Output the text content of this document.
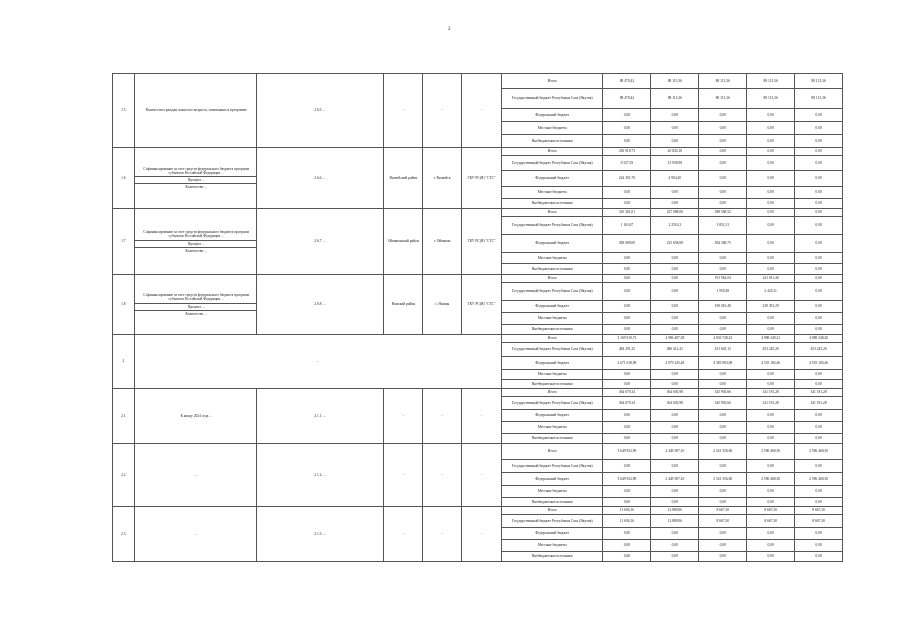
2
1.5	Количество граждан пожилого возраста, охваченных в программе	2.6.5. ...	-	-	-	Итого	88 470,42	88 113,36	88 113,36	88 113,36	88 113,36
						Государственный бюджет Республики Саха (Якутия)	88 470,42	88 113,36	88 113,36	88 113,36	88 113,36
						Федеральный бюджет	0,00	0,00	0,00	0,00	0,00
						Местные бюджеты	0,00	0,00	0,00	0,00	0,00
						Внебюджетные источники	0,00	0,00	0,00	0,00	0,00
1.6	Софинансирование за счет средств федерального бюджета программ субъектов Российской Федерации ...
Процент ...
Количество ...	2.6.6. ...	Вилюйский район	г. Вилюйск	ГКУ РС(Я) "СТС"	Итого	230 918,73	20 843,18	0,00	0,00	0,00
						Государственный бюджет Республики Саха (Якутия)	6 527,03	15 938,98	0,00	0,00	0,00
						Федеральный бюджет	224 391,70	4 904,20	0,00	0,00	0,00
						Местные бюджеты	0,00	0,00	0,00	0,00	0,00
						Внебюджетные источники	0,00	0,00	0,00	0,00	0,00
1.7	Софинансирование за счет средств федерального бюджета программ субъектов Российской Федерации ...
Процент ...
Количество ...	2.6.7. ...	Оймяконский район	г. Оймякон	ГКУ РС(Я) "СТС"	Итого	310 301,01	227 088,00	388 568,52	0,00	0,00
						Государственный бюджет Республики Саха (Якутия)	1 163,67	2 250,21	3 851,31	0,00	0,00
						Федеральный бюджет	309 089,00	225 658,08	384 368,75	0,00	0,00
						Местные бюджеты	0,00	0,00	0,00	0,00	0,00
						Внебюджетные источники	0,00	0,00	0,00	0,00	0,00
1.8	Софинансирование за счет средств федерального бюджета программ субъектов Российской Федерации ...
Процент ...
Количество ...	2.6.8. ...	Намский район	с. Намцы	ГКУ РС(Я) "СТС"	Итого	0,00	0,00	191 962,04	241 811,40	0,00
						Государственный бюджет Республики Саха (Якутия)	0,00	0,00	1 959,48	2 420,11	0,00
						Федеральный бюджет	0,00	0,00	190 010,48	239 391,29	0,00
						Местные бюджеты	0,00	0,00	0,00	0,00	0,00
						Внебюджетные источники	0,00	0,00	0,00	0,00	0,00
2	...					Итого	3 169 910,73	4 986 487,38	4 830 728,23	4 988 249,21	4 988 248,20
						Государственный бюджет Республики Саха (Якутия)	484 291,25	486 412,41	431 645,13	453 245,26	453 245,26
						Федеральный бюджет	2 671 618,98	4 079 245,48	4 383 983,08	4 535 184,46	4 535 184,46
						Местные бюджеты	0,00	0,00	0,00	0,00	0,00
						Внебюджетные источники	0,00	0,00	0,00	0,00	0,00
2.1	К концу 2024 года ...	2.1.1. ...	-	-	-	Итого	364 679,34	364 603,98	345 903,66	341 181,28	341 181,28
						Государственный бюджет Республики Саха (Якутия)	364 679,34	364 603,98	345 903,66	341 181,28	341 181,28
						Федеральный бюджет	0,00	0,00	0,00	0,00	0,00
						Местные бюджеты	0,00	0,00	0,00	0,00	0,00
						Внебюджетные источники	0,00	0,00	0,00	0,00	0,00
2.2	...	2.1.2. ...	-	-	-	Итого	3 649 932,90	2 449 387,10	2 541 356,60	2 596 468,30	2 596 468,30
						Государственный бюджет Республики Саха (Якутия)	0,00	0,00	0,00	0,00	0,00
						Федеральный бюджет	3 649 932,90	2 449 387,10	2 541 356,60	2 596 468,30	2 596 468,30
						Местные бюджеты	0,00	0,00	0,00	0,00	0,00
						Внебюджетные источники	0,00	0,00	0,00	0,00	0,00
2.3	...	2.1.3. ...	-	-	-	Итого	11 694,16	12 889,06	8 667,30	8 667,30	8 667,30
						Государственный бюджет Республики Саха (Якутия)	11 694,16	12 889,06	8 667,30	8 667,30	8 667,30
						Федеральный бюджет	0,00	0,00	0,00	0,00	0,00
						Местные бюджеты	0,00	0,00	0,00	0,00	0,00
						Внебюджетные источники	0,00	0,00	0,00	0,00	0,00
